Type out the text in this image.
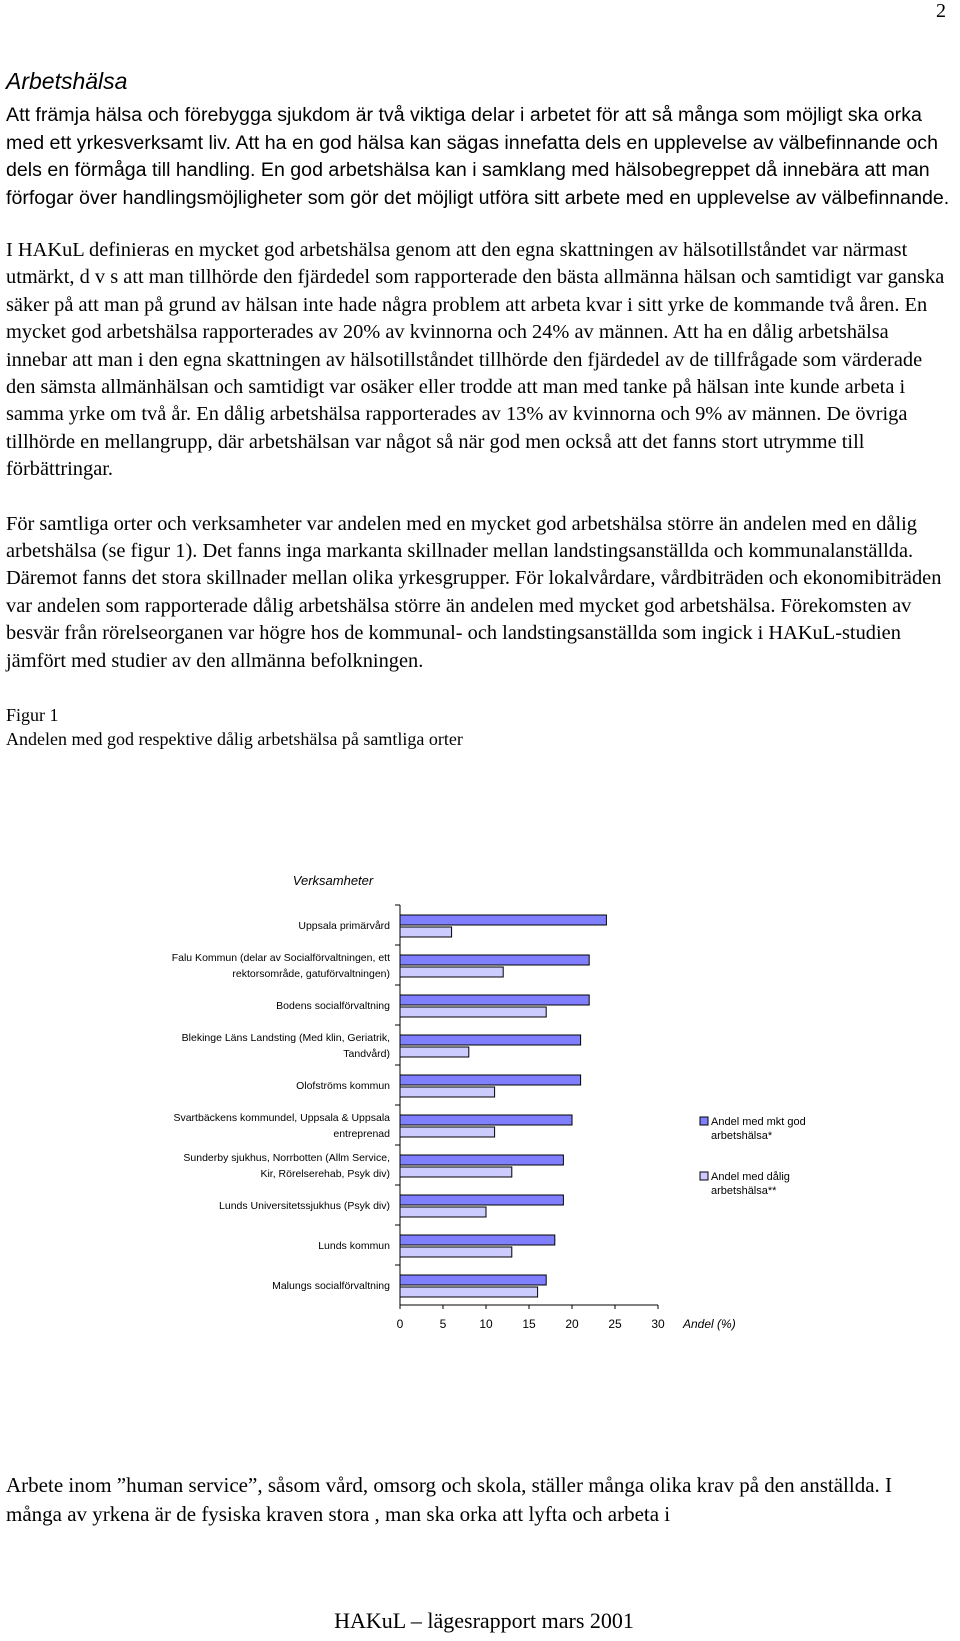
2
Arbetshälsa

Att främja hälsa och förebygga sjukdom är två viktiga delar i arbetet för att så många som möjligt ska orka med ett yrkesverksamt liv. Att ha en god hälsa kan sägas innefatta dels en upplevelse av välbefinnande och dels en förmåga till handling. En god arbetshälsa kan i samklang med hälsobegreppet då innebära att man förfogar över handlingsmöjligheter som gör det möjligt utföra sitt arbete med en upplevelse av välbefinnande.

I HAKuL definieras en mycket god arbetshälsa genom att den egna skattningen av hälsotillståndet var närmast utmärkt, d v s att man tillhörde den fjärdedel som rapporterade den bästa allmänna hälsan och samtidigt var ganska säker på att man på grund av hälsan inte hade några problem att arbeta kvar i sitt yrke de kommande två åren. En mycket god arbetshälsa rapporterades av 20% av kvinnorna och 24% av männen. Att ha en dålig arbetshälsa innebar att man i den egna skattningen av hälsotillståndet tillhörde den fjärdedel av de tillfrågade som värderade den sämsta allmänhälsan och samtidigt var osäker eller trodde att man med tanke på hälsan inte kunde arbeta i samma yrke om två år. En dålig arbetshälsa rapporterades av 13% av kvinnorna och 9% av männen. De övriga tillhörde en mellangrupp, där arbetshälsan var något så när god men också att det fanns stort utrymme till förbättringar.

För samtliga orter och verksamheter var andelen med en mycket god arbetshälsa större än andelen med en dålig arbetshälsa (se figur 1). Det fanns inga markanta skillnader mellan landstingsanställda och kommunalanställda. Däremot fanns det stora skillnader mellan olika yrkesgrupper. För lokalvårdare, vårdbiträden och ekonomibiträden var andelen som rapporterade dålig arbetshälsa större än andelen med mycket god arbetshälsa. Förekomsten av besvär från rörelseorganen var högre hos de kommunal- och landstingsanställda som ingick i HAKuL-studien jämfört med studier av den allmänna befolkningen.

Figur 1
Andelen med god respektive dålig arbetshälsa på samtliga orter
Verksamheter
Uppsala primärvård
Falu Kommun (delar av Socialförvaltningen, ett
rektorsområde, gatuförvaltningen)
Bodens socialförvaltning
Blekinge Läns Landsting (Med klin, Geriatrik,
Tandvård)
Olofströms kommun
Svartbäckens kommundel, Uppsala & Uppsala
entreprenad
Sunderby sjukhus, Norrbotten (Allm Service,
Kir, Rörelserehab, Psyk div)
Lunds Universitetssjukhus (Psyk div)
Lunds kommun
Malungs socialförvaltning
0	5	10 15 20 25 30 Andel (%)
Andel med mkt god
arbetshälsa*
Andel med dålig
arbetshälsa**

Arbete inom ”human service”, såsom vård, omsorg och skola, ställer många olika krav på den anställda. I många av yrkena är de fysiska kraven stora , man ska orka att lyfta och arbeta i

HAKuL – lägesrapport mars 2001
